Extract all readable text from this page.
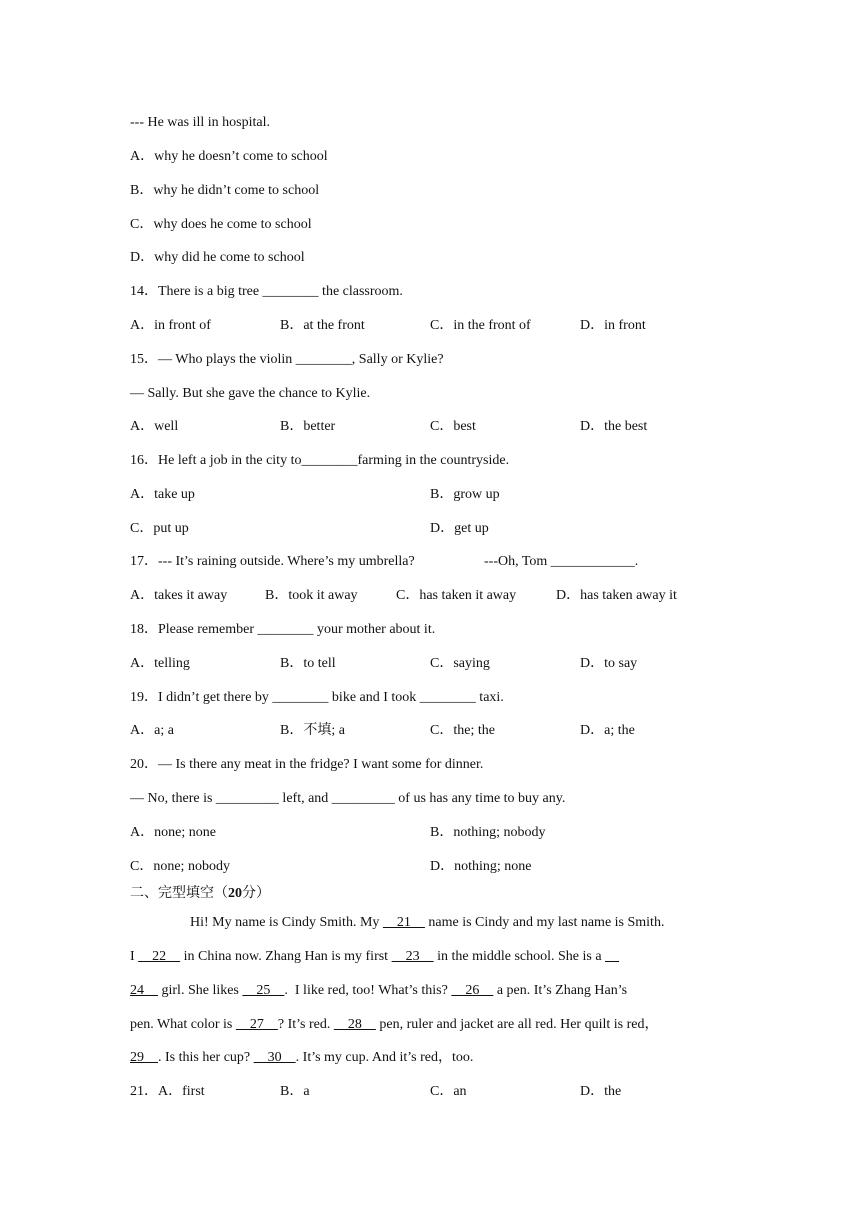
--- He was ill in hospital.
A．why he doesn’t come to school
B．why he didn’t come to school
C．why does he come to school
D．why did he come to school
14．There is a big tree ________ the classroom.
A．in front of	B．at the front	C．in the front of	D．in front
15．— Who plays the violin ________, Sally or Kylie?
— Sally. But she gave the chance to Kylie.
A．well	B．better	C．best	D．the best
16．He left a job in the city to________farming in the countryside.
A．take up	B．grow up
C．put up	D．get up
17．--- It’s raining outside. Where’s my umbrella?	---Oh, Tom ____________.
A．takes it away	B．took it away	C．has taken it away	D．has taken away it
18．Please remember ________ your mother about it.
A．telling	B．to tell	C．saying	D．to say
19．I didn’t get there by ________ bike and I took ________ taxi.
A．a; a	B．不填; a	C．the; the	D．a; the
20．— Is there any meat in the fridge? I want some for dinner.
— No, there is _________ left, and _________ of us has any time to buy any.
A．none; none	B．nothing; nobody
C．none; nobody	D．nothing; none
二、完型填空（20分）
Hi! My name is Cindy Smith. My     21     name is Cindy and my last name is Smith.
I     22     in China now. Zhang Han is my first     23     in the middle school. She is a
24     girl. She likes     25    .  I like red, too! What’s this?     26     a pen. It’s Zhang Han’s
pen. What color is     27    ? It’s red.     28     pen, ruler and jacket are all red. Her quilt is red，
29    . Is this her cup?     30    . It’s my cup. And it’s red，too.
21．A．first	B．a	C．an	D．the
